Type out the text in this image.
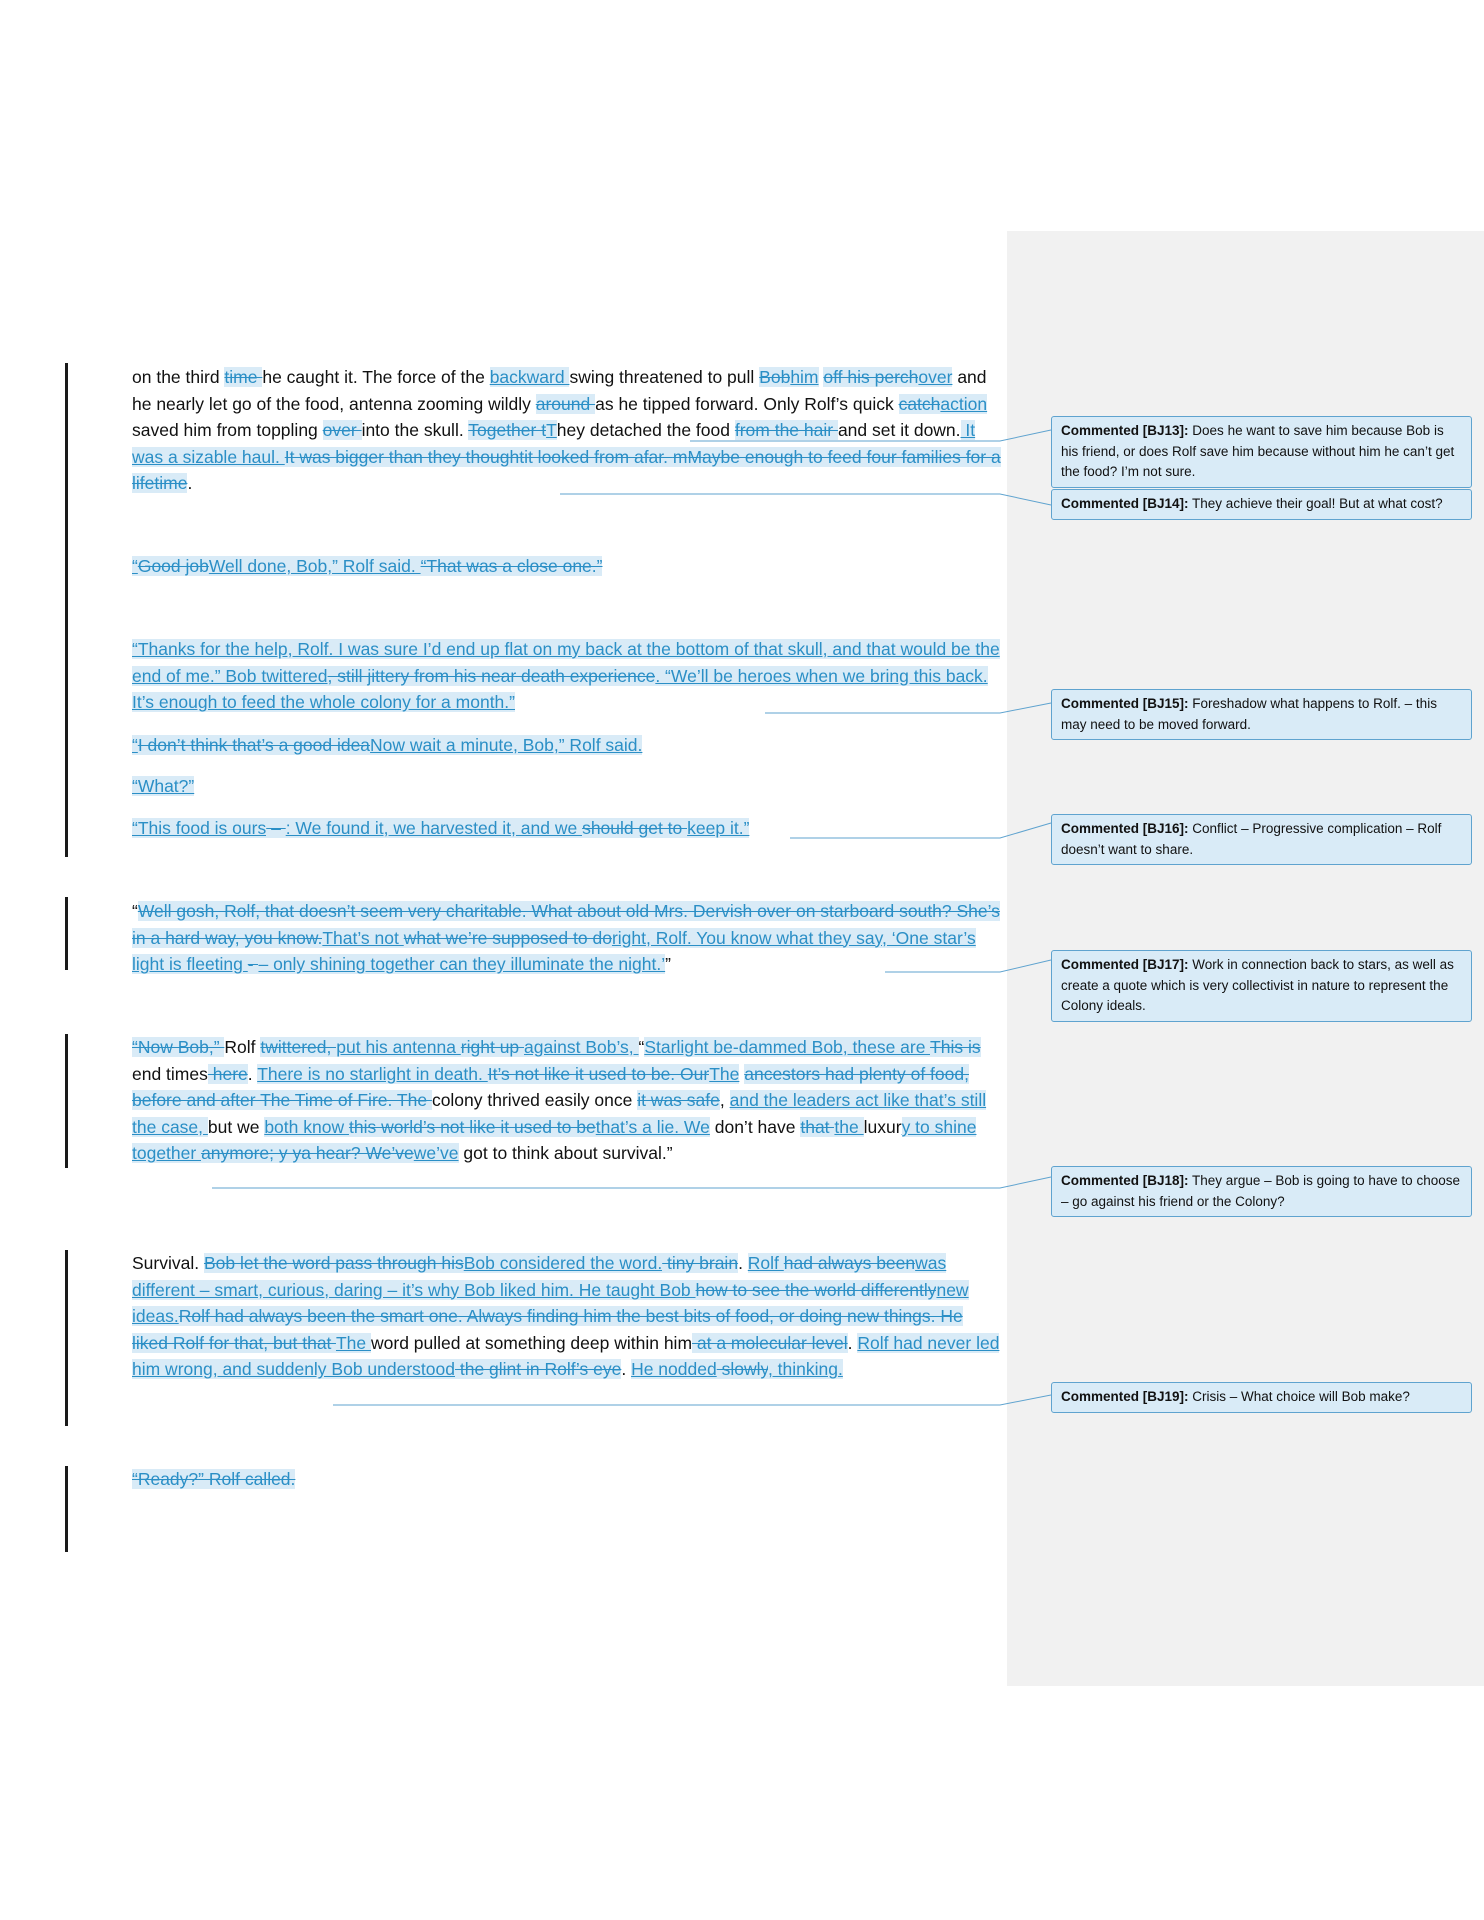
on the third time he caught it. The force of the backward swing threatened to pull Bobhim off his perchover and he nearly let go of the food, antenna zooming wildly around as he tipped forward. Only Rolf’s quick catchaction saved him from toppling over into the skull. Together tThey detached the food from the hair and set it down. It was a sizable haul. It was bigger than they thoughtit looked from afar. mMaybe enough to feed four families for a lifetime.
“Good jobWell done, Bob,” Rolf said. “That was a close one.”
“Thanks for the help, Rolf. I was sure I’d end up flat on my back at the bottom of that skull, and that would be the end of me.” Bob twittered, still jittery from his near death experience. “We’ll be heroes when we bring this back. It’s enough to feed the whole colony for a month.”
“I don’t think that’s a good ideaNow wait a minute, Bob,” Rolf said.
“What?”
“This food is ours – : We found it, we harvested it, and we should get to keep it.”
“Well gosh, Rolf, that doesn’t seem very charitable. What about old Mrs. Dervish over on starboard south? She’s in a hard way, you know.That’s not what we’re supposed to doright, Rolf. You know what they say, ‘One star’s light is fleeting - – only shining together can they illuminate the night.’”
“Now Bob,” Rolf twittered, put his antenna right up against Bob’s, “Starlight be-dammed Bob, these are This is end times here. There is no starlight in death. It’s not like it used to be. OurThe ancestors had plenty of food, before and after The Time of Fire. The colony thrived easily once it was safe, and the leaders act like that’s still the case, but we both know this world’s not like it used to bethat’s a lie. We don’t have that the luxury to shine together anymore; y ya hear? We’vewe’ve got to think about survival.”
Survival. Bob let the word pass through hisBob considered the word. tiny brain. Rolf had always beenwas different – smart, curious, daring – it’s why Bob liked him. He taught Bob how to see the world differentlynew ideas.Rolf had always been the smart one. Always finding him the best bits of food, or doing new things. He liked Rolf for that, but that The word pulled at something deep within him at a molecular level. Rolf had never led him wrong, and suddenly Bob understood the glint in Rolf’s eye. He nodded slowly, thinking.
“Ready?” Rolf called.
Commented [BJ13]: Does he want to save him because Bob is his friend, or does Rolf save him because without him he can’t get the food? I’m not sure.
Commented [BJ14]: They achieve their goal! But at what cost?
Commented [BJ15]: Foreshadow what happens to Rolf. – this may need to be moved forward.
Commented [BJ16]: Conflict – Progressive complication – Rolf doesn’t want to share.
Commented [BJ17]: Work in connection back to stars, as well as create a quote which is very collectivist in nature to represent the Colony ideals.
Commented [BJ18]: They argue – Bob is going to have to choose – go against his friend or the Colony?
Commented [BJ19]: Crisis – What choice will Bob make?
